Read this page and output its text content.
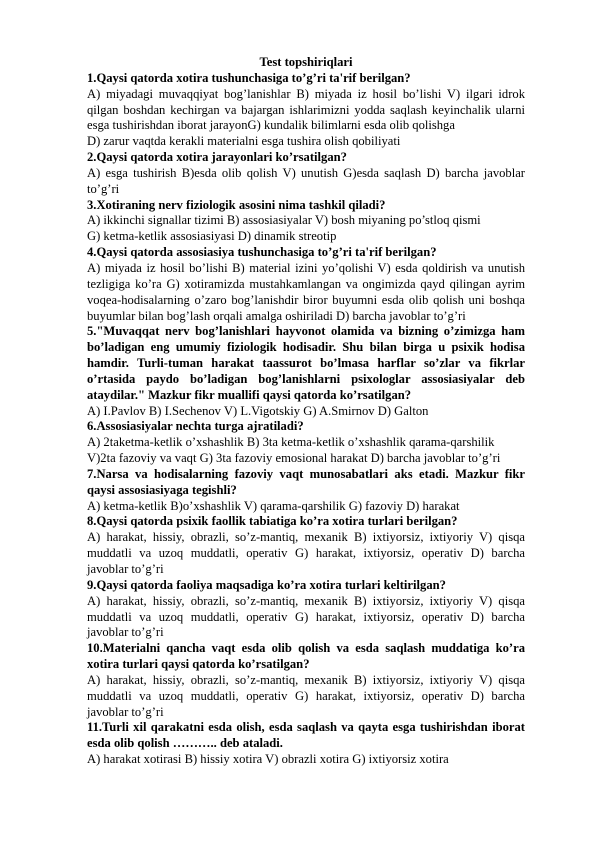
Test topshiriqlari

1.Qaysi qatorda xotira tushunchasiga to’g’ri ta'rif berilgan?

A) miyadagi muvaqqiyat bog’lanishlar B) miyada iz hosil bo’lishi V) ilgari idrok qilgan boshdan kechirgan va bajargan ishlarimizni yodda saqlash keyinchalik ularni esga tushirishdan iborat jarayonG) kundalik bilimlarni esda olib qolishga

D) zarur vaqtda kerakli materialni esga tushira olish qobiliyati

2.Qaysi qatorda xotira jarayonlari ko’rsatilgan?

A) esga tushirish B)esda olib qolish V) unutish G)esda saqlash D) barcha javoblar to’g’ri

3.Xotiraning nerv fiziologik asosini nima tashkil qiladi?

A) ikkinchi signallar tizimi B) assosiasiyalar V) bosh miyaning po’stloq qismi

G) ketma-ketlik assosiasiyasi D) dinamik streotip

4.Qaysi qatorda assosiasiya tushunchasiga to’g’ri ta'rif berilgan?

A) miyada iz hosil bo’lishi B) material izini yo’qolishi V) esda qoldirish va unutish tezligiga ko’ra G) xotiramizda mustahkamlangan va ongimizda qayd qilingan ayrim voqea-hodisalarning o’zaro bog’lanishdir biror buyumni esda olib qolish uni boshqa buyumlar bilan bog’lash orqali amalga oshiriladi D) barcha javoblar to’g’ri

5."Muvaqqat nerv bog’lanishlari hayvonot olamida va bizning o’zimizga ham bo’ladigan eng umumiy fiziologik hodisadir. Shu bilan birga u psixik hodisa hamdir. Turli-tuman harakat taassurot bo’lmasa harflar so’zlar va fikrlar o’rtasida paydo bo’ladigan bog’lanishlarni psixologlar assosiasiyalar deb ataydilar." Mazkur fikr muallifi qaysi qatorda ko’rsatilgan?

A) I.Pavlov B) I.Sechenov V) L.Vigotskiy G) A.Smirnov D) Galton

6.Assosiasiyalar nechta turga ajratiladi?

A) 2taketma-ketlik o’xshashlik B) 3ta ketma-ketlik o’xshashlik qarama-qarshilik

V)2ta fazoviy va vaqt G) 3ta fazoviy emosional harakat D) barcha javoblar to’g’ri

7.Narsa va hodisalarning fazoviy vaqt munosabatlari aks etadi. Mazkur fikr qaysi assosiasiyaga tegishli?

A) ketma-ketlik B)o’xshashlik V) qarama-qarshilik G) fazoviy D) harakat

8.Qaysi qatorda psixik faollik tabiatiga ko’ra xotira turlari berilgan?

A) harakat, hissiy, obrazli, so’z-mantiq, mexanik B) ixtiyorsiz, ixtiyoriy V) qisqa muddatli va uzoq muddatli, operativ G) harakat, ixtiyorsiz, operativ D) barcha javoblar to’g’ri

9.Qaysi qatorda faoliya maqsadiga ko’ra xotira turlari keltirilgan?

A) harakat, hissiy, obrazli, so’z-mantiq, mexanik B) ixtiyorsiz, ixtiyoriy V) qisqa muddatli va uzoq muddatli, operativ G) harakat, ixtiyorsiz, operativ D) barcha javoblar to’g’ri

10.Materialni qancha vaqt esda olib qolish va esda saqlash muddatiga ko’ra xotira turlari qaysi qatorda ko’rsatilgan?

A) harakat, hissiy, obrazli, so’z-mantiq, mexanik B) ixtiyorsiz, ixtiyoriy V) qisqa muddatli va uzoq muddatli, operativ G) harakat, ixtiyorsiz, operativ D) barcha javoblar to’g’ri

11.Turli xil qarakatni esda olish, esda saqlash va qayta esga tushirishdan iborat esda olib qolish ……….. deb ataladi.

A) harakat xotirasi B) hissiy xotira V) obrazli xotira G) ixtiyorsiz xotira
